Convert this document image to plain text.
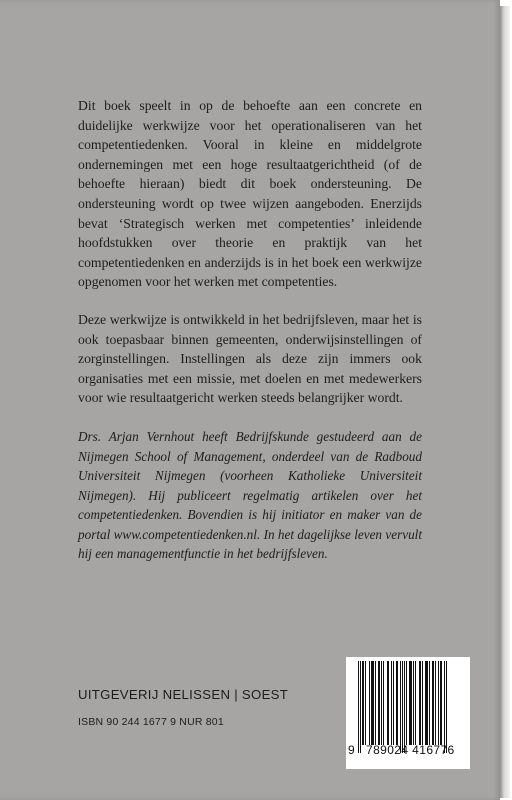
Dit boek speelt in op de behoefte aan een concrete en duidelijke werkwijze voor het operationaliseren van het competentiedenken. Vooral in kleine en middelgrote ondernemingen met een hoge resultaatgerichtheid (of de behoefte hieraan) biedt dit boek ondersteuning. De ondersteuning wordt op twee wijzen aangeboden. Enerzijds bevat ‘Strategisch werken met competenties’ inleidende hoofdstukken over theorie en praktijk van het competentiedenken en anderzijds is in het boek een werkwijze opgenomen voor het werken met competenties.

Deze werkwijze is ontwikkeld in het bedrijfsleven, maar het is ook toepasbaar binnen gemeenten, onderwijsinstellingen of zorginstellingen. Instellingen als deze zijn immers ook organisaties met een missie, met doelen en met medewerkers voor wie resultaatgericht werken steeds belangrijker wordt.

Drs. Arjan Vernhout heeft Bedrijfskunde gestudeerd aan de Nijmegen School of Management, onderdeel van de Radboud Universiteit Nijmegen (voorheen Katholieke Universiteit Nijmegen). Hij publiceert regelmatig artikelen over het competentiedenken. Bovendien is hij initiator en maker van de portal www.competentiedenken.nl. In het dagelijkse leven vervult hij een managementfunctie in het bedrijfsleven.

UITGEVERIJ NELISSEN | SOEST
ISBN 90 244 1677 9 NUR 801
9 789024 416776
